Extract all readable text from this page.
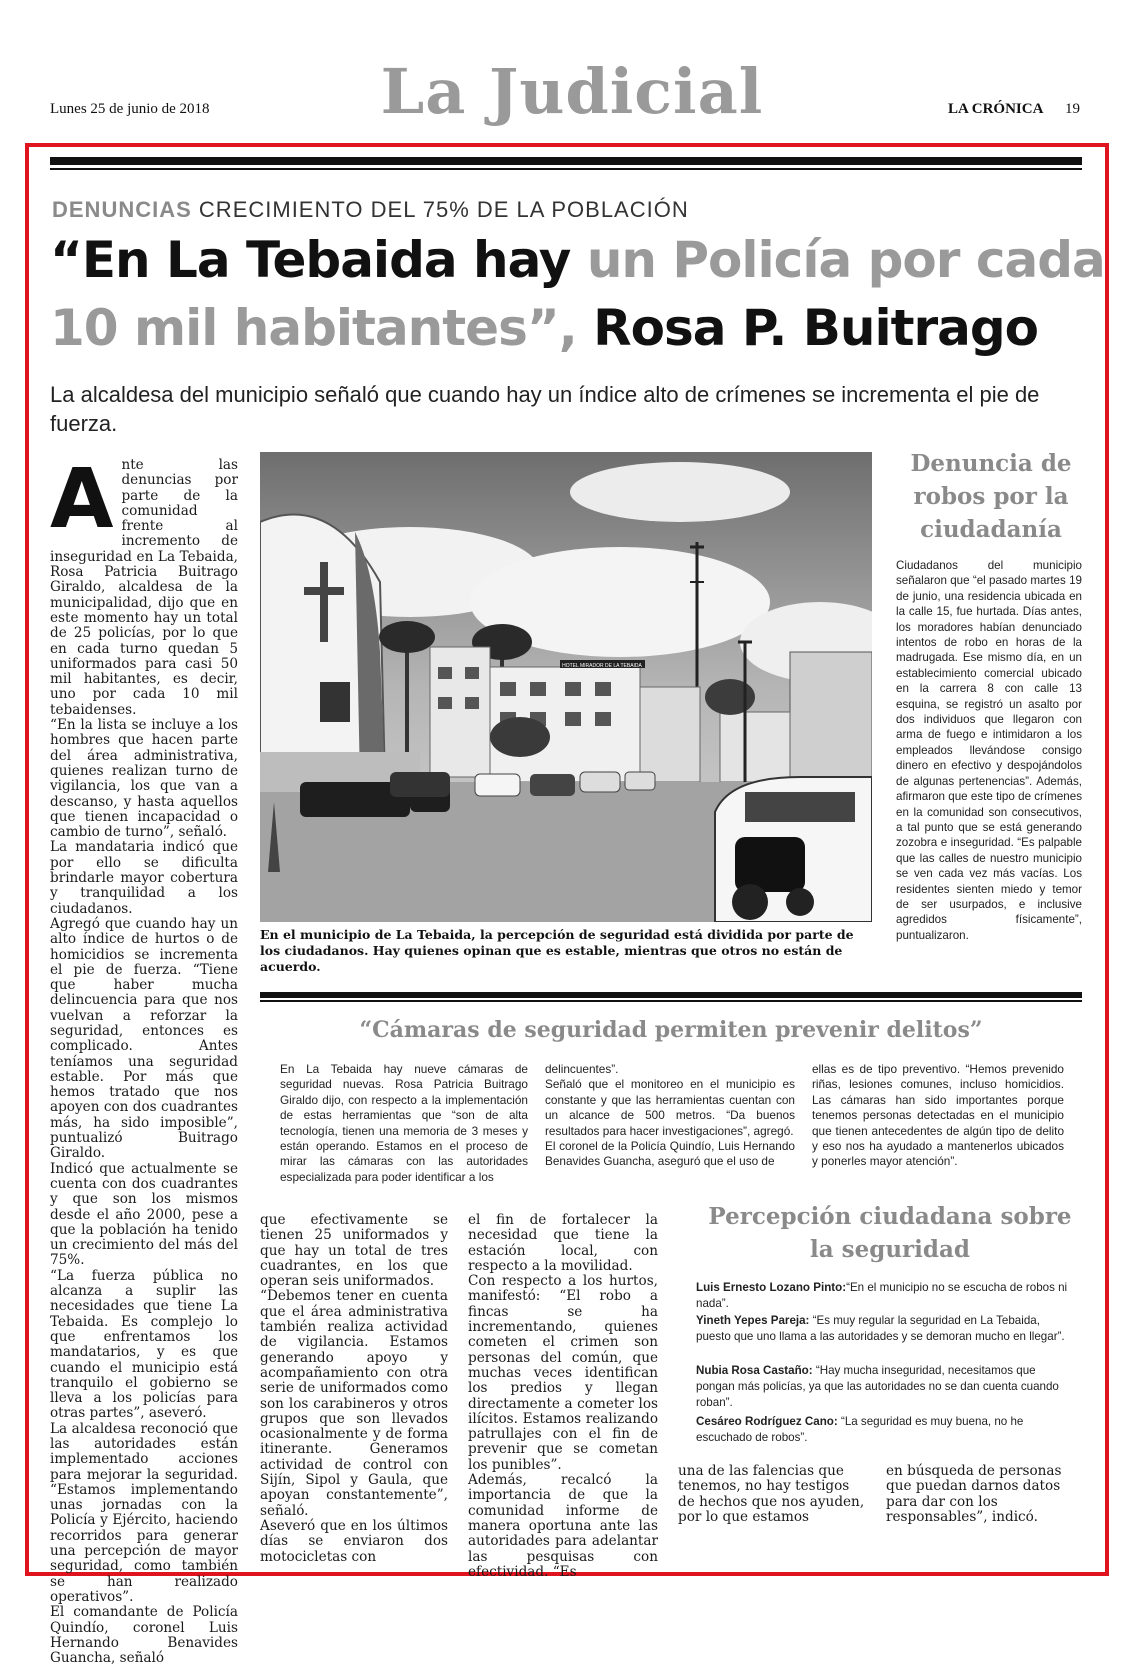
Lunes 25 de junio de 2018	La Judicial	LA CRÓNICA 19
DENUNCIAS CRECIMIENTO DEL 75% DE LA POBLACIÓN
“En La Tebaida hay un Policía por cada 10 mil habitantes”, Rosa P. Buitrago
La alcaldesa del municipio señaló que cuando hay un índice alto de crímenes se incrementa el pie de fuerza.
A nte las denuncias por parte de la comunidad frente al incremento de inseguridad en La Tebaida, Rosa Patricia Buitrago Giraldo, alcaldesa de la municipalidad, dijo que en este momento hay un total de 25 policías, por lo que en cada turno quedan 5 uniformados para casi 50 mil habitantes, es decir, uno por cada 10 mil tebaidenses.

“En la lista se incluye a los hombres que hacen parte del área administrativa, quienes realizan turno de vigilancia, los que van a descanso, y hasta aquellos que tienen incapacidad o cambio de turno”, señaló.

La mandataria indicó que por ello se dificulta brindarle mayor cobertura y tranquilidad a los ciudadanos.

Agregó que cuando hay un alto índice de hurtos o de homicidios se incrementa el pie de fuerza. “Tiene que haber mucha delincuencia para que nos vuelvan a reforzar la seguridad, entonces es complicado. Antes teníamos una seguridad estable. Por más que hemos tratado que nos apoyen con dos cuadrantes más, ha sido imposible”, puntualizó Buitrago Giraldo.

Indicó que actualmente se cuenta con dos cuadrantes y que son los mismos desde el año 2000, pese a que la población ha tenido un crecimiento del más del 75%.

“La fuerza pública no alcanza a suplir las necesidades que tiene La Tebaida. Es complejo lo que enfrentamos los mandatarios, y es que cuando el municipio está tranquilo el gobierno se lleva a los policías para otras partes”, aseveró.

La alcaldesa reconoció que las autoridades están implementado acciones para mejorar la seguridad. “Estamos implementando unas jornadas con la Policía y Ejército, haciendo recorridos para generar una percepción de mayor seguridad, como también se han realizado operativos”.

El comandante de Policía Quindío, coronel Luis Hernando Benavides Guancha, señaló

HOTEL MIRADOR DE LA TEBAIDA
En el municipio de La Tebaida, la percepción de seguridad está dividida por parte de los ciudadanos. Hay quienes opinan que es estable, mientras que otros no están de acuerdo.
Denuncia de robos por la ciudadanía
Ciudadanos del municipio señalaron que “el pasado martes 19 de junio, una residencia ubicada en la calle 15, fue hurtada. Días antes, los moradores habían denunciado intentos de robo en horas de la madrugada. Ese mismo día, en un establecimiento comercial ubicado en la carrera 8 con calle 13 esquina, se registró un asalto por dos individuos que llegaron con arma de fuego e intimidaron a los empleados llevándose consigo dinero en efectivo y despojándolos de algunas pertenencias”. Además, afirmaron que este tipo de crímenes en la comunidad son consecutivos, a tal punto que se está generando zozobra e inseguridad. “Es palpable que las calles de nuestro municipio se ven cada vez más vacías. Los residentes sienten miedo y temor de ser usurpados, e inclusive agredidos físicamente”, puntualizaron.
“Cámaras de seguridad permiten prevenir delitos”
En La Tebaida hay nueve cámaras de seguridad nuevas. Rosa Patricia Buitrago Giraldo dijo, con respecto a la implementación de estas herramientas que “son de alta tecnología, tienen una memoria de 3 meses y están operando. Estamos en el proceso de mirar las cámaras con las autoridades especializada para poder identificar a los
delincuentes”.
Señaló que el monitoreo en el municipio es constante y que las herramientas cuentan con un alcance de 500 metros. “Da buenos resultados para hacer investigaciones”, agregó.
El coronel de la Policía Quindío, Luis Hernando Benavides Guancha, aseguró que el uso de
ellas es de tipo preventivo. “Hemos prevenido riñas, lesiones comunes, incluso homicidios. Las cámaras han sido importantes porque tenemos personas detectadas en el municipio que tienen antecedentes de algún tipo de delito y eso nos ha ayudado a mantenerlos ubicados y ponerles mayor atención”.

que efectivamente se tienen 25 uniformados y que hay un total de tres cuadrantes, en los que operan seis uniformados.

“Debemos tener en cuenta que el área administrativa también realiza actividad de vigilancia. Estamos generando apoyo y acompañamiento con otra serie de uniformados como son los carabineros y otros grupos que son llevados ocasionalmente y de forma itinerante. Generamos actividad de control con Sijín, Sipol y Gaula, que apoyan constantemente”, señaló.

Aseveró que en los últimos días se enviaron dos motocicletas con

el fin de fortalecer la necesidad que tiene la estación local, con respecto a la movilidad.

Con respecto a los hurtos, manifestó: “El robo a fincas se ha incrementando, quienes cometen el crimen son personas del común, que muchas veces identifican los predios y llegan directamente a cometer los ilícitos. Estamos realizando patrullajes con el fin de prevenir que se cometan los punibles”.

Además, recalcó la importancia de que la comunidad informe de manera oportuna ante las autoridades para adelantar las pesquisas con efectividad. “Es

Percepción ciudadana sobre la seguridad
Luis Ernesto Lozano Pinto:“En el municipio no se escucha de robos ni nada”.
Yineth Yepes Pareja: “Es muy regular la seguridad en La Tebaida, puesto que uno llama a las autoridades y se demoran mucho en llegar”.
Nubia Rosa Castaño: “Hay mucha inseguridad, necesitamos que pongan más policías, ya que las autoridades no se dan cuenta cuando roban”.
Cesáreo Rodríguez Cano: “La seguridad es muy buena, no he escuchado de robos”.
una de las falencias que tenemos, no hay testigos de hechos que nos ayuden, por lo que estamos
en búsqueda de personas que puedan darnos datos para dar con los responsables”, indicó.
